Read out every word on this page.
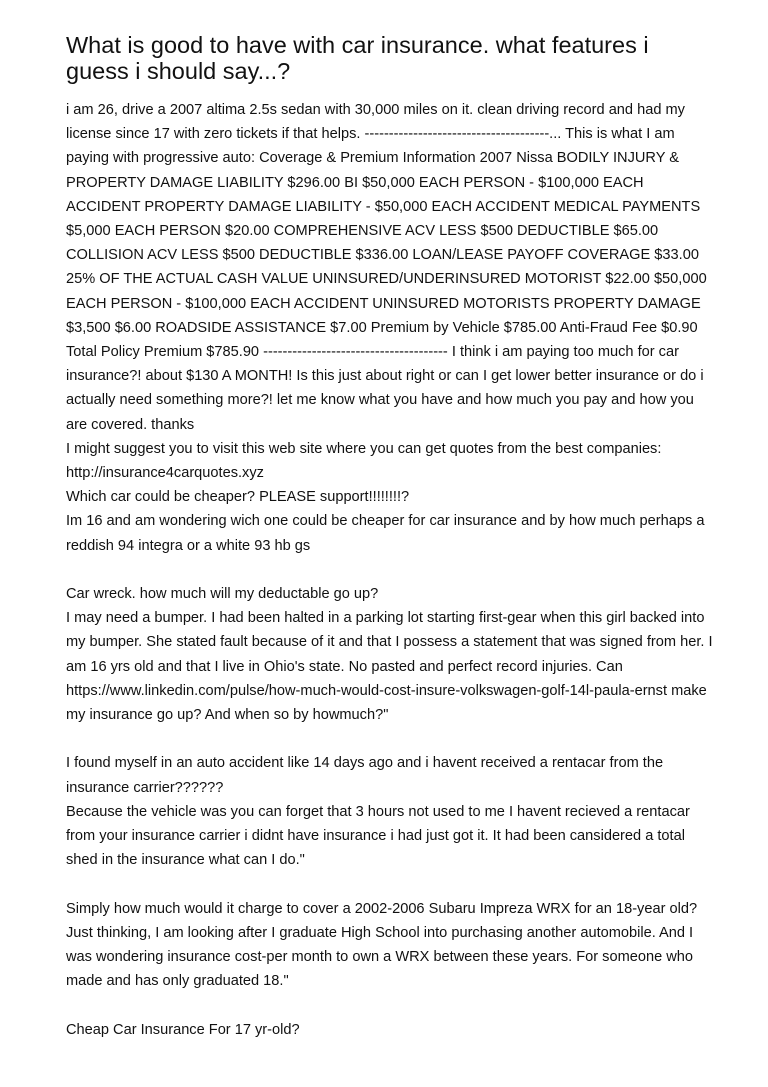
What is good to have with car insurance. what features i guess i should say...?

i am 26, drive a 2007 altima 2.5s sedan with 30,000 miles on it. clean driving record and had my license since 17 with zero tickets if that helps. --------------------------------------... This is what I am paying with progressive auto: Coverage & Premium Information 2007 Nissa BODILY INJURY & PROPERTY DAMAGE LIABILITY $296.00 BI $50,000 EACH PERSON - $100,000 EACH ACCIDENT PROPERTY DAMAGE LIABILITY - $50,000 EACH ACCIDENT MEDICAL PAYMENTS $5,000 EACH PERSON $20.00 COMPREHENSIVE ACV LESS $500 DEDUCTIBLE $65.00 COLLISION ACV LESS $500 DEDUCTIBLE $336.00 LOAN/LEASE PAYOFF COVERAGE $33.00 25% OF THE ACTUAL CASH VALUE UNINSURED/UNDERINSURED MOTORIST $22.00 $50,000 EACH PERSON - $100,000 EACH ACCIDENT UNINSURED MOTORISTS PROPERTY DAMAGE $3,500 $6.00 ROADSIDE ASSISTANCE $7.00 Premium by Vehicle $785.00 Anti-Fraud Fee $0.90 Total Policy Premium $785.90 -------------------------------------- I think i am paying too much for car insurance?! about $130 A MONTH! Is this just about right or can I get lower better insurance or do i actually need something more?! let me know what you have and how much you pay and how you are covered. thanks

I might suggest you to visit this web site where you can get quotes from the best companies: http://insurance4carquotes.xyz

Which car could be cheaper? PLEASE support!!!!!!!!?

Im 16 and am wondering wich one could be cheaper for car insurance and by how much perhaps a reddish 94 integra or a white 93 hb gs

Car wreck. how much will my deductable go up?

I may need a bumper. I had been halted in a parking lot starting first-gear when this girl backed into my bumper. She stated fault because of it and that I possess a statement that was signed from her. I am 16 yrs old and that I live in Ohio's state. No pasted and perfect record injuries. Can https://www.linkedin.com/pulse/how-much-would-cost-insure-volkswagen-golf-14l-paula-ernst make my insurance go up? And when so by howmuch?"

I found myself in an auto accident like 14 days ago and i havent received a rentacar from the insurance carrier??????

Because the vehicle was you can forget that 3 hours not used to me I havent recieved a rentacar from your insurance carrier i didnt have insurance i had just got it. It had been cansidered a total shed in the insurance what can I do."

Simply how much would it charge to cover a 2002-2006 Subaru Impreza WRX for an 18-year old?

Just thinking, I am looking after I graduate High School into purchasing another automobile. And I was wondering insurance cost-per month to own a WRX between these years. For someone who made and has only graduated 18."

Cheap Car Insurance For 17 yr-old?
